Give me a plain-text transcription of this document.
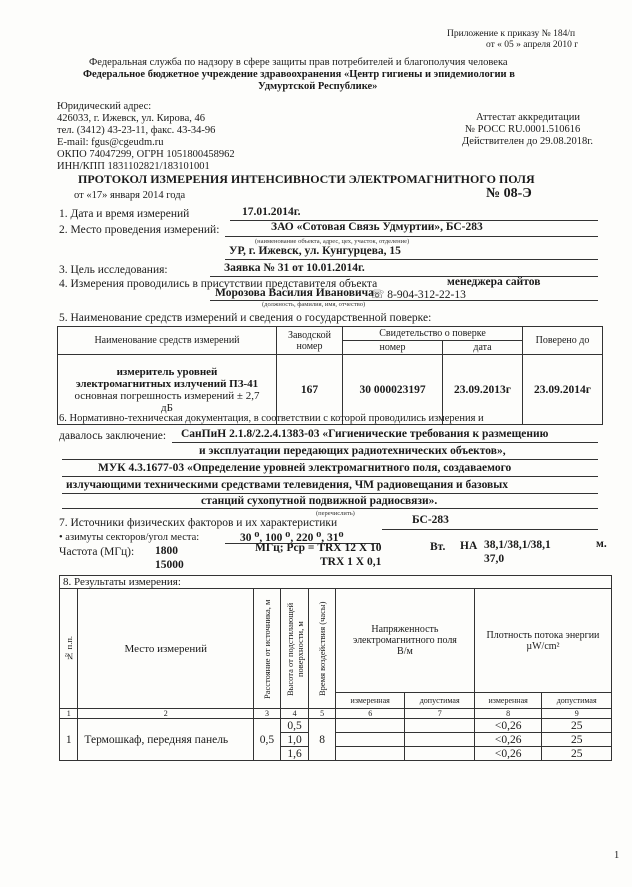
Приложение к приказу № 184/п
от « 05 » апреля 2010 г
Федеральная служба по надзору в сфере защиты прав потребителей и благополучия человека
Федеральное бюджетное учреждение здравоохранения «Центр гигиены и эпидемиологии в
Удмуртской Республике»
Юридический адрес:
426033, г. Ижевск, ул. Кирова, 46
тел. (3412) 43-23-11, факс. 43-34-96
E-mail: fgus@cgeudm.ru
ОКПО 74047299, ОГРН 1051800458962
ИНН/КПП 1831102821/183101001
Аттестат аккредитации
№ РОСС RU.0001.510616
Действителен до 29.08.2018г.
ПРОТОКОЛ ИЗМЕРЕНИЯ ИНТЕНСИВНОСТИ ЭЛЕКТРОМАГНИТНОГО ПОЛЯ
№ 08-Э
от «17» января 2014 года
1. Дата и время измерений	17.01.2014г.
2. Место проведения измерений:	ЗАО «Сотовая Связь Удмуртии», БС-283
(наименование объекта, адрес, цех, участок, отделение)
УР, г. Ижевск, ул. Кунгурцева, 15
3. Цель исследования:	Заявка № 31 от 10.01.2014г.
4. Измерения проводились в присутствии представителя объекта	менеджера сайтов
Морозова Василия Ивановича
☏ 8-904-312-22-13
(должность, фамилия, имя, отчество)
5. Наименование средств измерений и сведения о государственной поверке:
Наименование средств измерений	Заводской номер	Свидетельство о поверке		Поверено до
		номер	дата	

измеритель уровней электромагнитных излучений ПЗ-41
основная погрешность измерений ± 2,7 дБ	167	30 000023197	23.09.2013г	23.09.2014г
6. Нормативно-техническая документация, в соответствии с которой проводились измерения и
давалось заключение: СанПиН 2.1.8/2.2.4.1383-03 «Гигиенические требования к размещению
и эксплуатации передающих радиотехнических объектов»,
МУК 4.3.1677-03 «Определение уровней электромагнитного поля, создаваемого
излучающими техническими средствами телевидения, ЧМ радиовещания и базовых
станций сухопутной подвижной радиосвязи».
(перечислить)
7. Источники физических факторов и их характеристики	БС-283
• азимуты секторов/угол места:	30 ⁰, 100 ⁰, 220 ⁰, 31⁰
Частота (МГц): 1800
15000
МГц; Pср = TRX 12 X 10
TRX 1 X 0,1
Вт. HА 38,1/38,1/38,1
37,0
м.
8. Результаты измерения:								

№ п.п.	Место измерений	Расстояние от источника, м	Высота от подстилающей поверхности, м	Время воздействия (часы)	Напряженность электромагнитного поля В/м		Плотность потока энергии µW/cm²	
					измеренная	допустимая	измеренная	допустимая
1	2	3	4	5	6	7	8	9
1	Термошкаф, передняя панель	0,5	0,5	8			<0,26	25
			1,0				<0,26	25
			1,6				<0,26	25
1
